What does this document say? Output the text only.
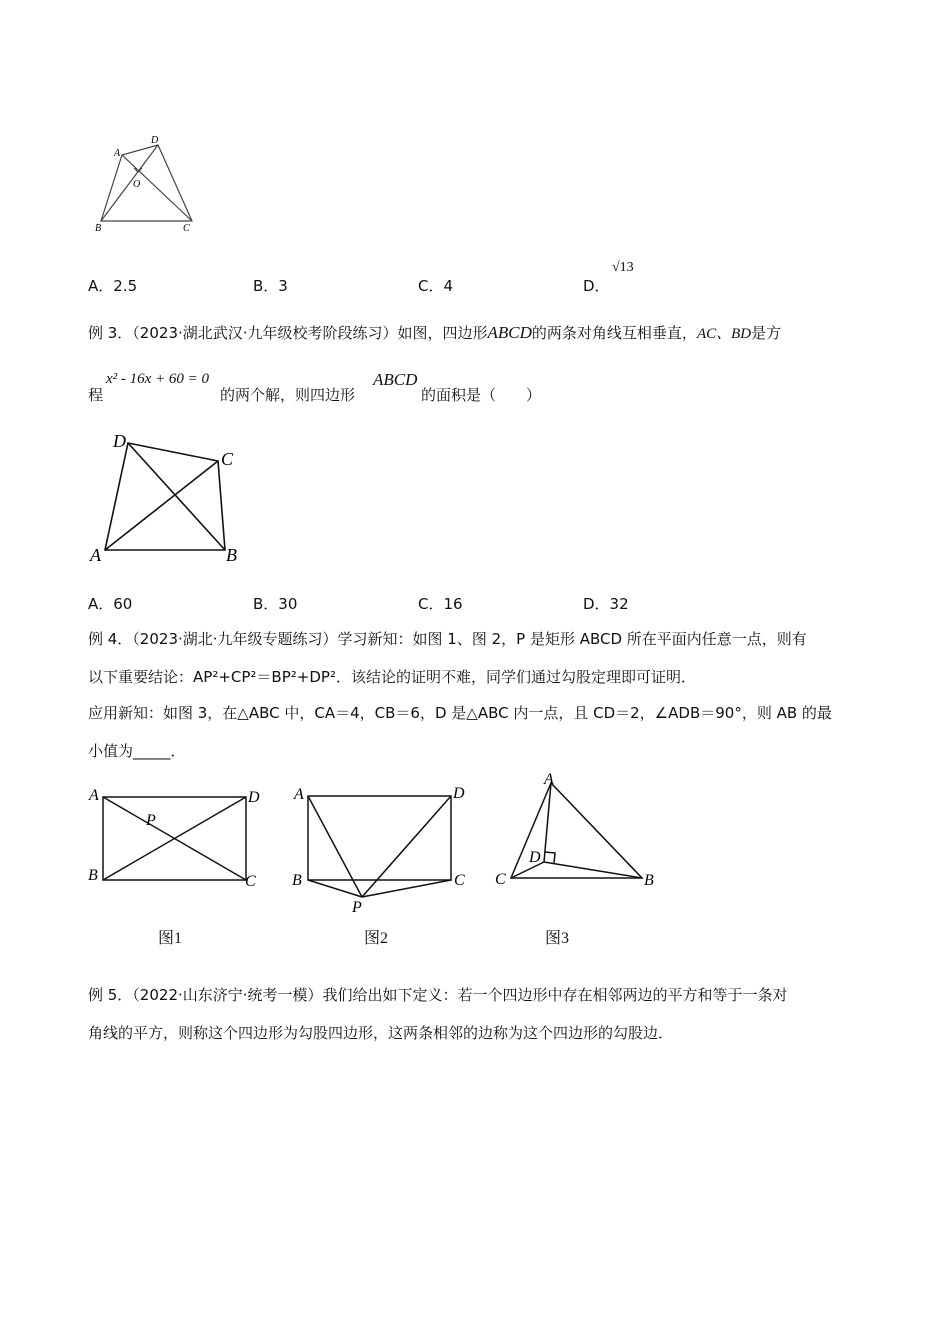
A
D
O
B	C
A．2.5	B．3	C．4	D．
√13
例 3．（2023·湖北武汉·九年级校考阶段练习）如图，四边形ABCD的两条对角线互相垂直，AC、BD是方
程
x² - 16x + 60 = 0
的两个解，则四边形
ABCD
的面积是（　　）
D
C
A	B
A．60	B．30	C．16	D．32
例 4．（2023·湖北·九年级专题练习）学习新知：如图 1、图 2，P 是矩形 ABCD 所在平面内任意一点，则有
以下重要结论：AP²+CP²＝BP²+DP²．该结论的证明不难，同学们通过勾股定理即可证明．
应用新知：如图 3，在△ABC 中，CA＝4，CB＝6，D 是△ABC 内一点，且 CD＝2，∠ADB＝90°，则 AB 的最
小值为_____．
A	D
P
B	C
图1
A	D
B	C
P
图2
A
D
C	B
图3
例 5．（2022·山东济宁·统考一模）我们给出如下定义：若一个四边形中存在相邻两边的平方和等于一条对
角线的平方，则称这个四边形为勾股四边形，这两条相邻的边称为这个四边形的勾股边．
